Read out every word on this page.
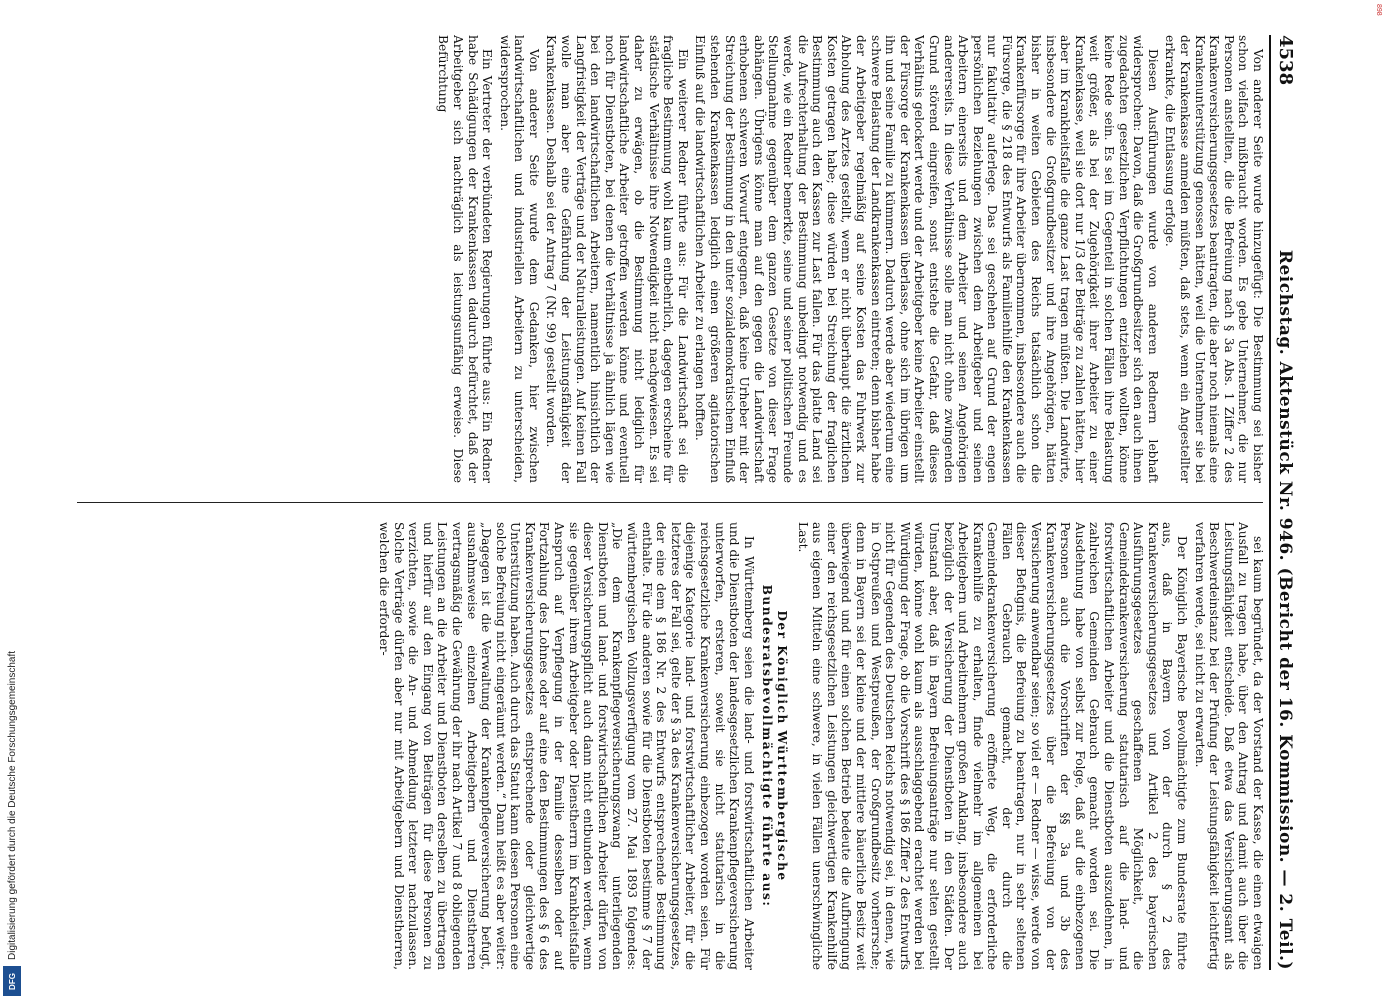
4538
Reichstag. Aktenstück Nr. 946. (Bericht der 16. Kommission. — 2. Teil.)

Von anderer Seite wurde hinzugefügt: Die Bestimmung sei bisher schon vielfach mißbraucht worden. Es gebe Unternehmer, die nur Personen anstellten, die die Befreiung nach § 3a Abs. 1 Ziffer 2 des Krankenversicherungsgesetzes beantragten, die aber noch niemals eine Krankenunterstützung genossen hätten, weil die Unternehmer sie bei der Krankenkasse anmelden müßten, daß stets, wenn ein Angestellter erkrankte, die Entlassung erfolge.

Diesen Ausführungen wurde von anderen Rednern lebhaft widersprochen: Davon, daß die Großgrundbesitzer sich den auch ihnen zugedachten gesetzlichen Verpflichtungen entziehen wollten, könne keine Rede sein. Es sei im Gegenteil in solchen Fällen ihre Belastung weit größer, als bei der Zugehörigkeit ihrer Arbeiter zu einer Krankenkasse, weil sie dort nur 1/3 der Beiträge zu zahlen hätten, hier aber im Krankheitsfalle die ganze Last tragen müßten. Die Landwirte, insbesondere die Großgrundbesitzer und ihre Angehörigen, hätten bisher in weiten Gebieten des Reichs tatsächlich schon die Krankenfürsorge für ihre Arbeiter übernommen, insbesondere auch die Fürsorge, die § 218 des Entwurfs als Familienhilfe den Krankenkassen nur fakultativ auferlege. Das sei geschehen auf Grund der engen persönlichen Beziehungen zwischen dem Arbeitgeber und seinen Arbeitern einerseits und dem Arbeiter und seinen Angehörigen andererseits. In diese Verhältnisse solle man nicht ohne zwingenden Grund störend eingreifen, sonst entstehe die Gefahr, daß dieses Verhältnis gelockert werde und der Arbeitgeber keine Arbeiter einstellt der Fürsorge der Krankenkassen überlasse, ohne sich im übrigen um ihn und seine Familie zu kümmern. Dadurch werde aber wiederum eine schwere Belastung der Landkrankenkassen eintreten; denn bisher habe der Arbeitgeber regelmäßig auf seine Kosten das Fuhrwerk zur Abholung des Arztes gestellt, wenn er nicht überhaupt die ärztlichen Kosten getragen habe; diese würden bei Streichung der fraglichen Bestimmung auch den Kassen zur Last fallen. Für das platte Land sei die Aufrechterhaltung der Bestimmung unbedingt notwendig und es werde, wie ein Redner bemerkte, seine und seiner politischen Freunde Stellungnahme gegenüber dem ganzen Gesetze von dieser Frage abhängen. Übrigens könne man auf den gegen die Landwirtschaft erhobenen schweren Vorwurf entgegnen, daß keine Urheber mit der Streichung der Bestimmung in den unter sozialdemokratischem Einfluß stehenden Krankenkassen lediglich einen größeren agitatorischen Einfluß auf die landwirtschaftlichen Arbeiter zu erlangen hofften.

Ein weiterer Redner führte aus: Für die Landwirtschaft sei die fragliche Bestimmung wohl kaum entbehrlich, dagegen erscheine für städtische Verhältnisse ihre Notwendigkeit nicht nachgewiesen. Es sei daher zu erwägen, ob die Bestimmung nicht lediglich für landwirtschaftliche Arbeiter getroffen werden könne und eventuell noch für Dienstboten, bei denen die Verhältnisse ja ähnlich lägen wie bei den landwirtschaftlichen Arbeitern, namentlich hinsichtlich der Langfristigkeit der Verträge und der Naturalleistungen. Auf keinen Fall wolle man aber eine Gefährdung der Leistungsfähigkeit der Krankenkassen. Deshalb sei der Antrag 7 (Nr. 99) gestellt worden.

Von anderer Seite wurde dem Gedanken, hier zwischen landwirtschaftlichen und industriellen Arbeitern zu unterscheiden, widersprochen.

Ein Vertreter der verbündeten Regierungen führte aus: Ein Redner habe Schädigungen der Krankenkassen dadurch befürchtet, daß der Arbeitgeber sich nachträglich als leistungsunfähig erweise. Diese Befürchtung

sei kaum begründet, da der Vorstand der Kasse, die einen etwaigen Ausfall zu tragen habe, über den Antrag und damit auch über die Leistungsfähigkeit entscheide. Daß etwa das Versicherungsamt als Beschwerdeinstanz bei der Prüfung der Leistungsfähigkeit leichtfertig verfahren werde, sei nicht zu erwarten.

Der Königlich Bayerische Bevollmächtigte zum Bundesrate führte aus, daß in Bayern von der durch § 2 des Krankenversicherungsgesetzes und Artikel 2 des bayerischen Ausführungsgesetzes geschaffenen Möglichkeit, die Gemeindekrankenversicherung statutarisch auf die land- und forstwirtschaftlichen Arbeiter und die Dienstboten auszudehnen, in zahlreichen Gemeinden Gebrauch gemacht worden sei. Die Ausdehnung habe von selbst zur Folge, daß auf die einbezogenen Personen auch die Vorschriften der §§ 3a und 3b des Krankenversicherungsgesetzes über die Befreiung von der Versicherung anwendbar seien; so viel er — Redner — wisse, werde von dieser Befugnis, die Befreiung zu beantragen, nur in sehr seltenen Fällen Gebrauch gemacht, der durch die Gemeindekrankenversicherung eröffnete Weg, die erforderliche Krankenhilfe zu erhalten, finde vielmehr im allgemeinen bei Arbeitgebern und Arbeitnehmern großen Anklang, insbesondere auch bezüglich der Versicherung der Dienstboten in den Städten. Der Umstand aber, daß in Bayern Befreiungsanträge nur selten gestellt würden, könne wohl kaum als ausschlaggebend erachtet werden bei Würdigung der Frage, ob die Vorschrift des § 186 Ziffer 2 des Entwurfs nicht für Gegenden des Deutschen Reichs notwendig sei, in denen, wie in Ostpreußen und Westpreußen, der Großgrundbesitz vorherrsche; denn in Bayern sei der kleine und der mittlere bäuerliche Besitz weit überwiegend und für einen solchen Betrieb bedeute die Aufbringung einer den reichsgesetzlichen Leistungen gleichwertigen Krankenhilfe aus eigenen Mitteln eine schwere, in vielen Fällen unerschwingliche Last.

Der Königlich Württembergische Bundesratsbevollmächtigte führte aus:

In Württemberg seien die land- und forstwirtschaftlichen Arbeiter und die Dienstboten der landesgesetzlichen Krankenpflegeversicherung unterworfen, ersteren, soweit sie nicht statutarisch in die reichsgesetzliche Krankenversicherung einbezogen worden seien. Für diejenige Kategorie land- und forstwirtschaftlicher Arbeiter, für die letzteres der Fall sei, gelte der § 3a des Krankenversicherungsgesetzes, der eine dem § 186 Nr. 2 des Entwurfs entsprechende Bestimmung enthalte. Für die anderen sowie für die Dienstboten bestimme § 7 der württembergischen Vollzugsverfügung vom 27. Mai 1893 folgendes: „Die dem Krankenpflegeversicherungszwang unterliegenden Dienstboten und land- und forstwirtschaftlichen Arbeiter dürfen von dieser Versicherungspflicht auch dann nicht entbunden werden, wenn sie gegenüber ihrem Arbeitgeber oder Dienstherrn im Krankheitsfalle Anspruch auf Verpflegung in der Familie desselben oder auf Fortzahlung des Lohnes oder auf eine den Bestimmungen des § 6 des Krankenversicherungsgesetzes entsprechende oder gleichwertige Unterstützung haben. Auch durch das Statut kann diesen Personen eine solche Befreiung nicht eingeräumt werden.“ Dann heißt es aber weiter: „Dagegen ist die Verwaltung der Krankenpflegeversicherung befugt, ausnahmsweise einzelnen Arbeitgebern und Dienstherren vertragsmäßig die Gewährung der ihr nach Artikel 7 und 8 obliegenden Leistungen an die Arbeiter und Dienstboten derselben zu übertragen und hierfür auf den Eingang von Beiträgen für diese Personen zu verzichten, sowie die An- und Abmeldung letzterer nachzulassen. Solche Verträge dürfen aber nur mit Arbeitgebern und Dienstherren, welchen die erforder-

Digitalisierung gefördert durch die Deutsche Forschungsgemeinschaft
DFG
898
